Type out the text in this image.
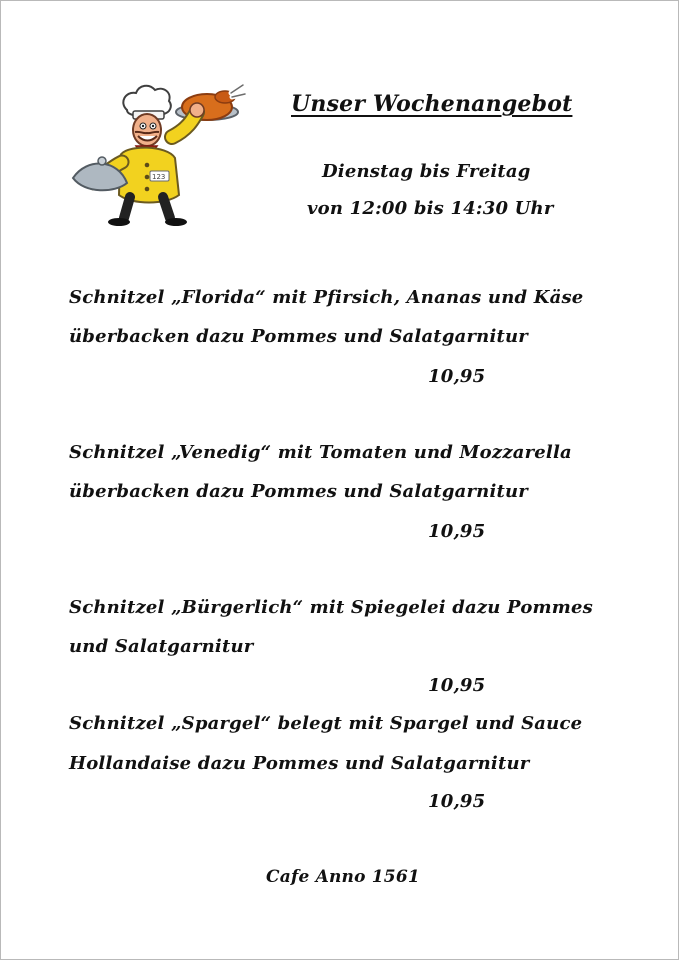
123
Unser Wochenangebot
Dienstag bis Freitag
von 12:00 bis 14:30 Uhr
Schnitzel „Florida“ mit Pfirsich, Ananas und Käse
überbacken dazu Pommes und Salatgarnitur
10,95
Schnitzel „Venedig“ mit Tomaten und Mozzarella
überbacken dazu Pommes und Salatgarnitur
10,95
Schnitzel „Bürgerlich“ mit Spiegelei dazu Pommes
und Salatgarnitur
10,95
Schnitzel „Spargel“ belegt mit Spargel und Sauce
Hollandaise dazu Pommes und Salatgarnitur
10,95
Cafe Anno 1561
